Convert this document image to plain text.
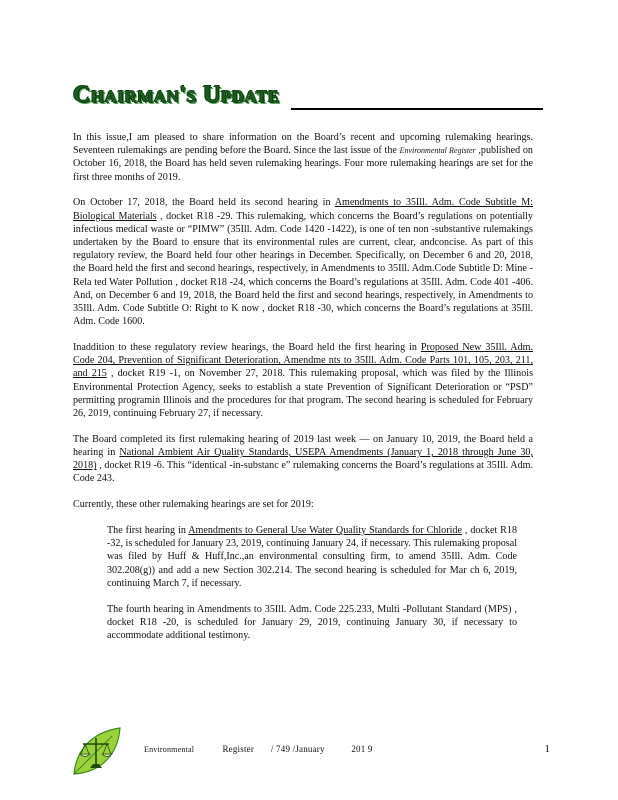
Chairman's Update

In this issue,I am pleased to share information on the Board’s recent and upcoming rulemaking hearings. Seventeen rulemakings are pending before the Board. Since the last issue of the Environmental Register ,published on October 16, 2018, the Board has held seven rulemaking hearings. Four more rulemaking hearings are set for the first three months of 2019.

On October 17, 2018, the Board held its second hearing in Amendments to 35Ill. Adm. Code Subtitle M: Biological Materials , docket R18 -29. This rulemaking, which concerns the Board’s regulations on potentially infectious medical waste or “PIMW” (35Ill. Adm. Code 1420 -1422), is one of ten non -substantive rulemakings undertaken by the Board to ensure that its environmental rules are current, clear, andconcise. As part of this regulatory review, the Board held four other hearings in December. Specifically, on December 6 and 20, 2018, the Board held the first and second hearings, respectively, in Amendments to 35Ill. Adm.Code Subtitle D: Mine -Rela ted Water Pollution , docket R18 -24, which concerns the Board’s regulations at 35Ill. Adm. Code 401 -406. And, on December 6 and 19, 2018, the Board held the first and second hearings, respectively, in Amendments to 35Ill. Adm. Code Subtitle O: Right to K now , docket R18 -30, which concerns the Board’s regulations at 35Ill. Adm. Code 1600.

Inaddition to these regulatory review hearings, the Board held the first hearing in Proposed New 35Ill. Adm. Code 204, Prevention of Significant Deterioration, Amendme nts to 35Ill. Adm. Code Parts 101, 105, 203, 211, and 215 , docket R19 -1, on November 27, 2018. This rulemaking proposal, which was filed by the Illinois Environmental Protection Agency, seeks to establish a state Prevention of Significant Deterioration or “PSD” permitting programin Illinois and the procedures for that program. The second hearing is scheduled for February 26, 2019, continuing February 27, if necessary.

The Board completed its first rulemaking hearing of 2019 last week — on January 10, 2019, the Board held a hearing in National Ambient Air Quality Standards, USEPA Amendments (January 1, 2018 through June 30, 2018) , docket R19 -6. This “identical -in-substanc e” rulemaking concerns the Board’s regulations at 35Ill. Adm. Code 243.

Currently, these other rulemaking hearings are set for 2019:

The first hearing in Amendments to General Use Water Quality Standards for Chloride , docket R18 -32, is scheduled for January 23, 2019, continuing January 24, if necessary. This rulemaking proposal was filed by Huff & Huff,Inc.,an environmental consulting firm, to amend 35Ill. Adm. Code 302.208(g)) and add a new Section 302.214. The second hearing is scheduled for Mar ch 6, 2019, continuing March 7, if necessary.
The fourth hearing in Amendments to 35Ill. Adm. Code 225.233, Multi -Pollutant Standard (MPS) , docket R18 -20, is scheduled for January 29, 2019, continuing January 30, if necessary to accommodate additional testimony.
Environmental	Register / 749 /January	201 9	1
